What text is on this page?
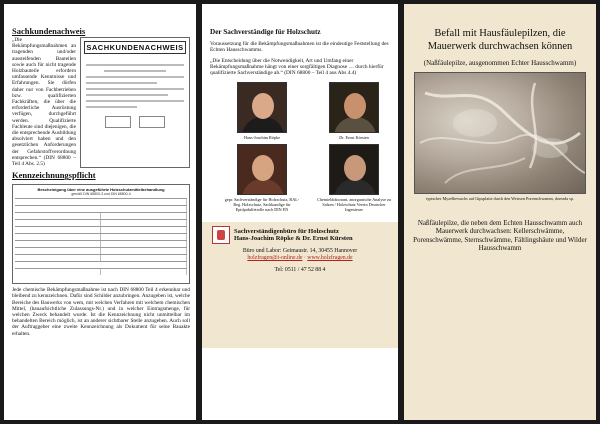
Sachkundenachweis
SACHKUNDENACHWEIS

„Die Bekämpfungsmaßnahmen an tragenden und/oder aussteifenden Bauteilen sowie auch für nicht tragende Holzbauteile erfordern umfassende Kenntnisse und Erfahrungen. Sie dürfen daher nur von Fachbetrieben bzw. qualifizierten Fachkräften, die über die erforderliche Ausrüstung verfügen, durchgeführt werden. Qualifizierte Fachleute sind diejenigen, die die entsprechende Ausbildung absolviert haben und den gesetzlichen Anforderungen der Gefahrstoffverordnung entsprechen.“ (DIN 68800 – Teil 4 Abs. 2.5)

Kennzeichnungspflicht
Bescheinigung über eine ausgeführte Holzschutzmittelbehandlung
gemäß DIN 68800-3 und DIN 68800-4

Jede chemische Bekämpfungsmaßnahme ist nach DIN 68800 Teil 4 erkennbar und bleibend zu kennzeichnen. Dafür sind Schilder anzubringen. Anzugeben ist, welche Bereiche des Bauwerks von wem, mit welchen Verfahren mit welchem chemischen Mittel, (bauaufsichtliche Zulassungs-Nr.) und in welcher Eintragsmenge, für welchen Zweck behandelt wurde. Ist die Kennzeichnung nicht unmittelbar im behandelten Bereich möglich, ist an anderer sichtbarer Stelle anzugeben. Auch soll der Auftraggeber eine zweite Kennzeichnung als Dokument für seine Bauakte erhalten.

Der Sachverständige für Holzschutz

Voraussetzung für die Bekämpfungsmaßnahmen ist die eindeutige Feststellung des Echten Hausschwamms.

„Die Entscheidung über die Notwendigkeit, Art und Umfang einer Bekämpfungsmaßnahme hängt von einer sorgfältigen Diagnose … durch hierfür qualifizierte Sachverständige ab.“ (DIN 68800 – Teil 4 aus Abs 4.4)

Hans-Joachim Röpke	Dr. Ernst Kürsten
gepr. Sachverständige für Holzschutz, RAL-Reg. Holzschutz, Sachkundige für Epidpidulfetrolle nach DIN EN
Chemieldoktorant, anorganische Analyse zu Salzen / Holzschutz Verein Deutscher Ingenieure
Sachverständigenbüro für Holzschutz
Hans-Joachim Röpke & Dr. Ernst Kürsten
Büro und Labor: Geimaustr. 14, 30455 Hannover
holzfragen@t-online.de · www.holzfragen.de
Tel: 0511 / 47 52 88 4
Befall mit Hausfäulepilzen, die Mauerwerk durchwachsen können
(Naßfäulepilze, ausgenommen Echter Hausschwamm)
typischer Myzelbewuchs auf Gipsplatte durch den Weissen Porenschwamm, doreada sp.

Naßfäulepilze, die neben dem Echten Hausschwamm auch Mauerwerk durchwachsen: Kellerschwämme, Porenschwämme, Sternschwämme, Fältlingshäute und Wilder Hausschwamm
